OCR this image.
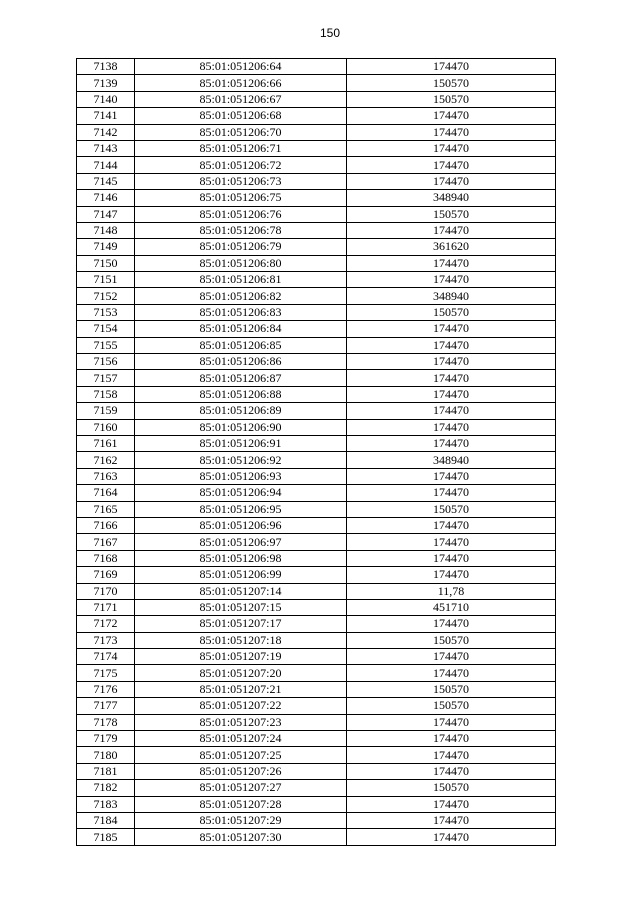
150
7138	85:01:051206:64	174470
7139	85:01:051206:66	150570
7140	85:01:051206:67	150570
7141	85:01:051206:68	174470
7142	85:01:051206:70	174470
7143	85:01:051206:71	174470
7144	85:01:051206:72	174470
7145	85:01:051206:73	174470
7146	85:01:051206:75	348940
7147	85:01:051206:76	150570
7148	85:01:051206:78	174470
7149	85:01:051206:79	361620
7150	85:01:051206:80	174470
7151	85:01:051206:81	174470
7152	85:01:051206:82	348940
7153	85:01:051206:83	150570
7154	85:01:051206:84	174470
7155	85:01:051206:85	174470
7156	85:01:051206:86	174470
7157	85:01:051206:87	174470
7158	85:01:051206:88	174470
7159	85:01:051206:89	174470
7160	85:01:051206:90	174470
7161	85:01:051206:91	174470
7162	85:01:051206:92	348940
7163	85:01:051206:93	174470
7164	85:01:051206:94	174470
7165	85:01:051206:95	150570
7166	85:01:051206:96	174470
7167	85:01:051206:97	174470
7168	85:01:051206:98	174470
7169	85:01:051206:99	174470
7170	85:01:051207:14	11,78
7171	85:01:051207:15	451710
7172	85:01:051207:17	174470
7173	85:01:051207:18	150570
7174	85:01:051207:19	174470
7175	85:01:051207:20	174470
7176	85:01:051207:21	150570
7177	85:01:051207:22	150570
7178	85:01:051207:23	174470
7179	85:01:051207:24	174470
7180	85:01:051207:25	174470
7181	85:01:051207:26	174470
7182	85:01:051207:27	150570
7183	85:01:051207:28	174470
7184	85:01:051207:29	174470
7185	85:01:051207:30	174470
